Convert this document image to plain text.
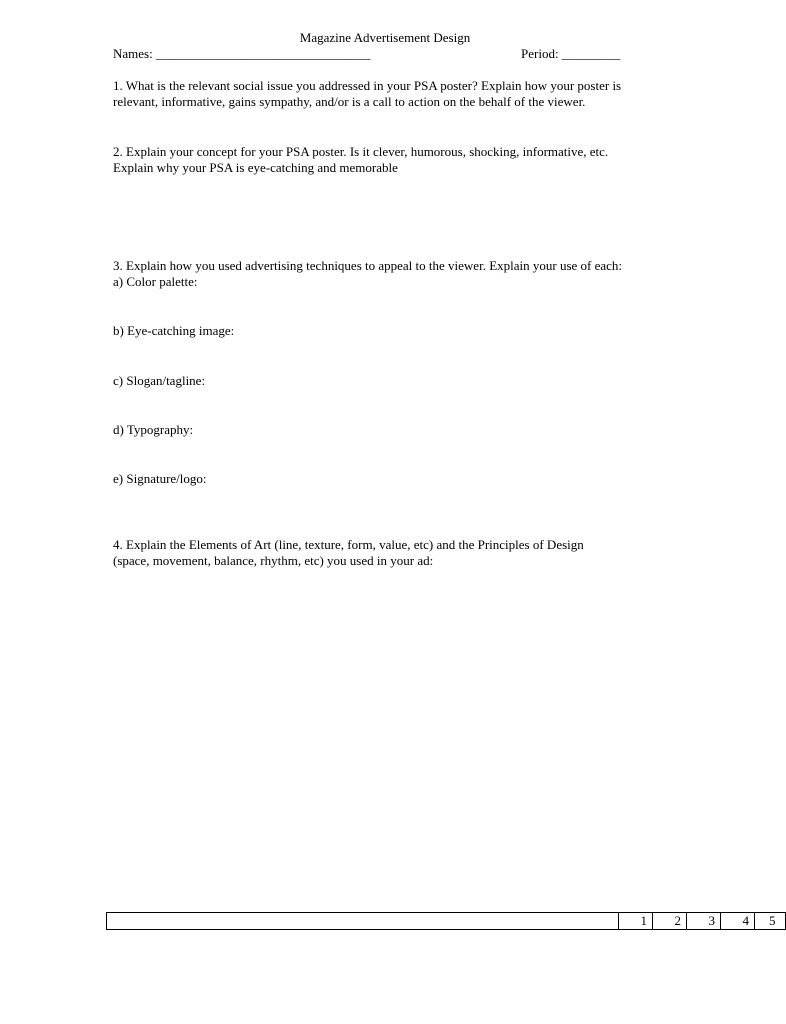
Magazine Advertisement Design
Names: _________________________________	Period: _________
1. What is the relevant social issue you addressed in your PSA poster? Explain how your poster is
relevant, informative, gains sympathy, and/or is a call to action on the behalf of the viewer.
2. Explain your concept for your PSA poster. Is it clever, humorous, shocking, informative, etc.
Explain why your PSA is eye-catching and memorable
3. Explain how you used advertising techniques to appeal to the viewer. Explain your use of each:
a) Color palette:
b) Eye-catching image:
c) Slogan/tagline:
d) Typography:
e) Signature/logo:
4. Explain the Elements of Art (line, texture, form, value, etc) and the Principles of Design
(space, movement, balance, rhythm, etc) you used in your ad:
1	2	3	4	5
